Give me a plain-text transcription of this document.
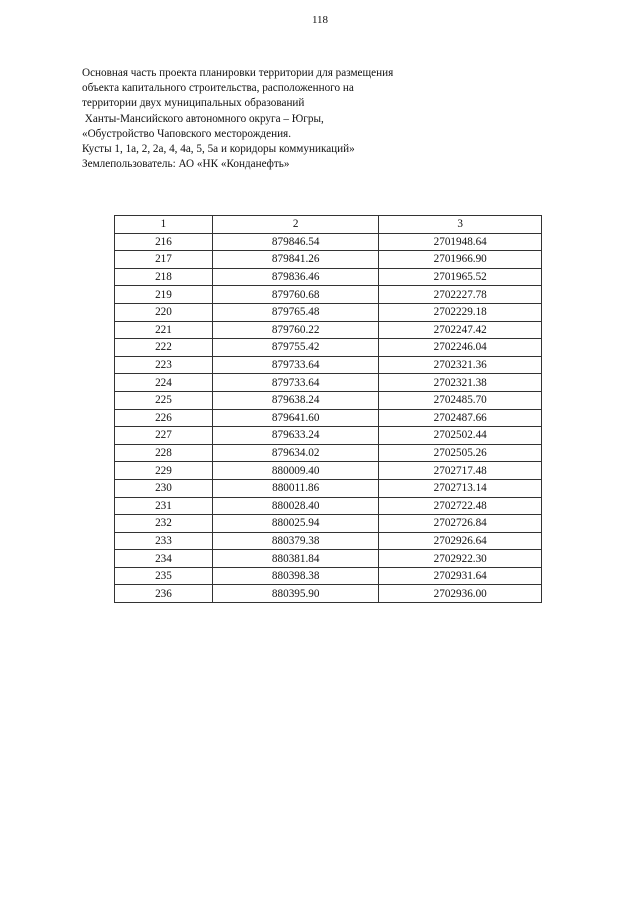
118
Основная часть проекта планировки территории для размещения
объекта капитального строительства, расположенного на
территории двух муниципальных образований
Ханты-Мансийского автономного округа – Югры,
«Обустройство Чаповского месторождения.
Кусты 1, 1а, 2, 2а, 4, 4а, 5, 5а и коридоры коммуникаций»
Землепользователь: АО «НК «Конданефть»
1	2	3
216	879846.54	2701948.64
217	879841.26	2701966.90
218	879836.46	2701965.52
219	879760.68	2702227.78
220	879765.48	2702229.18
221	879760.22	2702247.42
222	879755.42	2702246.04
223	879733.64	2702321.36
224	879733.64	2702321.38
225	879638.24	2702485.70
226	879641.60	2702487.66
227	879633.24	2702502.44
228	879634.02	2702505.26
229	880009.40	2702717.48
230	880011.86	2702713.14
231	880028.40	2702722.48
232	880025.94	2702726.84
233	880379.38	2702926.64
234	880381.84	2702922.30
235	880398.38	2702931.64
236	880395.90	2702936.00
